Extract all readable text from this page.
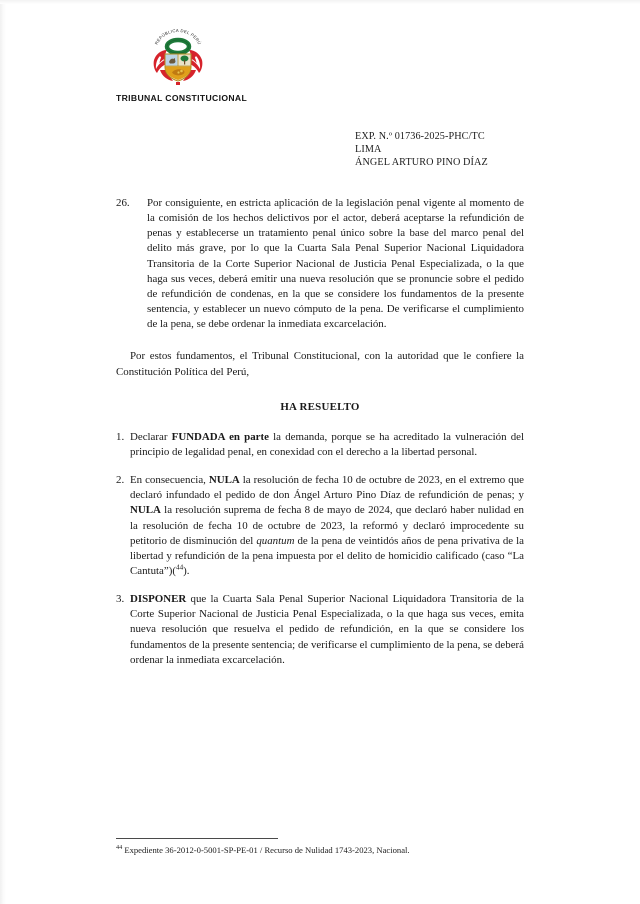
REPÚBLICA DEL PERÚ
TRIBUNAL CONSTITUCIONAL
EXP. N.º 01736-2025-PHC/TC
LIMA
ÁNGEL ARTURO PINO DÍAZ
26.	Por consiguiente, en estricta aplicación de la legislación penal vigente al momento de la comisión de los hechos delictivos por el actor, deberá aceptarse la refundición de penas y establecerse un tratamiento penal único sobre la base del marco penal del delito más grave, por lo que la Cuarta Sala Penal Superior Nacional Liquidadora Transitoria de la Corte Superior Nacional de Justicia Penal Especializada, o la que haga sus veces, deberá emitir una nueva resolución que se pronuncie sobre el pedido de refundición de condenas, en la que se considere los fundamentos de la presente sentencia, y establecer un nuevo cómputo de la pena. De verificarse el cumplimiento de la pena, se debe ordenar la inmediata excarcelación.

Por estos fundamentos, el Tribunal Constitucional, con la autoridad que le confiere la Constitución Política del Perú,

HA RESUELTO
1. Declarar FUNDADA en parte la demanda, porque se ha acreditado la vulneración del principio de legalidad penal, en conexidad con el derecho a la libertad personal.
2. En consecuencia, NULA la resolución de fecha 10 de octubre de 2023, en el extremo que declaró infundado el pedido de don Ángel Arturo Pino Díaz de refundición de penas; y NULA la resolución suprema de fecha 8 de mayo de 2024, que declaró haber nulidad en la resolución de fecha 10 de octubre de 2023, la reformó y declaró improcedente su petitorio de disminución del quantum de la pena de veintidós años de pena privativa de la libertad y refundición de la pena impuesta por el delito de homicidio calificado (caso “La Cantuta”)($^{44}$).
3. DISPONER que la Cuarta Sala Penal Superior Nacional Liquidadora Transitoria de la Corte Superior Nacional de Justicia Penal Especializada, o la que haga sus veces, emita nueva resolución que resuelva el pedido de refundición, en la que se considere los fundamentos de la presente sentencia; de verificarse el cumplimiento de la pena, se deberá ordenar la inmediata excarcelación.
$^{44}$ Expediente 36-2012-0-5001-SP-PE-01 / Recurso de Nulidad 1743-2023, Nacional.
